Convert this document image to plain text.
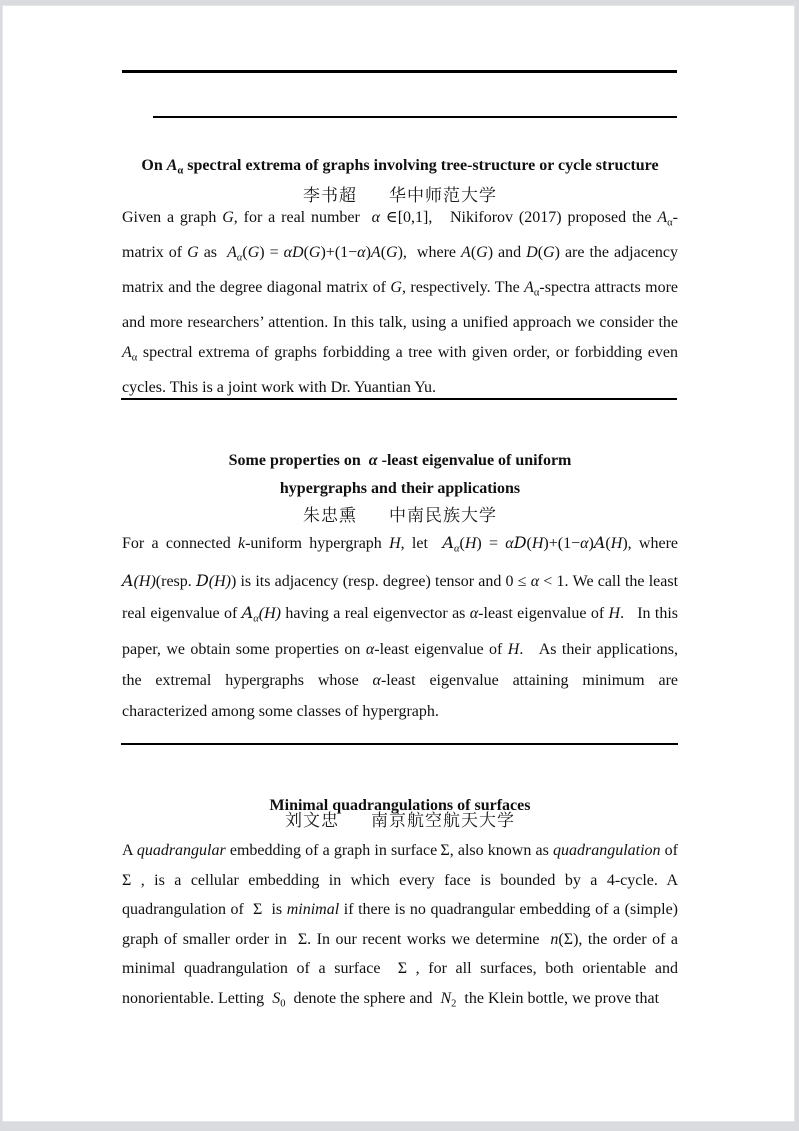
On $A_\alpha$ spectral extrema of graphs involving tree-structure or cycle structure
李书超 华中师范大学

Given a graph G, for a real number  α ∈[0,1],   Nikiforov (2017) proposed the $A_\alpha$-matrix of G as  $A_\alpha(G) = \alpha D(G)+(1-\alpha)A(G)$,  where A(G) and D(G) are the adjacency matrix and the degree diagonal matrix of G, respectively. The $A_\alpha$-spectra attracts more and more researchers’ attention. In this talk, using a unified approach we consider the $A_\alpha$ spectral extrema of graphs forbidding a tree with given order, or forbidding even cycles. This is a joint work with Dr. Yuantian Yu.

Some properties on  α -least eigenvalue of uniform
hypergraphs and their applications
朱忠熏 中南民族大学

For a connected k-uniform hypergraph H, let  $A_\alpha(H) = \alpha D(H)+(1-\alpha)A(H)$, where A(H)(resp. D(H)) is its adjacency (resp. degree) tensor and 0 ≤ α < 1. We call the least real eigenvalue of $A_\alpha(H)$ having a real eigenvector as α-least eigenvalue of H.   In this paper, we obtain some properties on α-least eigenvalue of H.   As their applications, the extremal hypergraphs whose α-least eigenvalue attaining minimum are characterized among some classes of hypergraph.

Minimal quadrangulations of surfaces
刘文忠 南京航空航天大学

A quadrangular embedding of a graph in surface Σ, also known as quadrangulation of Σ , is a cellular embedding in which every face is bounded by a 4-cycle. A quadrangulation of  Σ  is minimal if there is no quadrangular embedding of a (simple) graph of smaller order in  Σ. In our recent works we determine  n(Σ), the order of a minimal quadrangulation of a surface  Σ , for all surfaces, both orientable and nonorientable. Letting  $S_0$  denote the sphere and  $N_2$  the Klein bottle, we prove that
